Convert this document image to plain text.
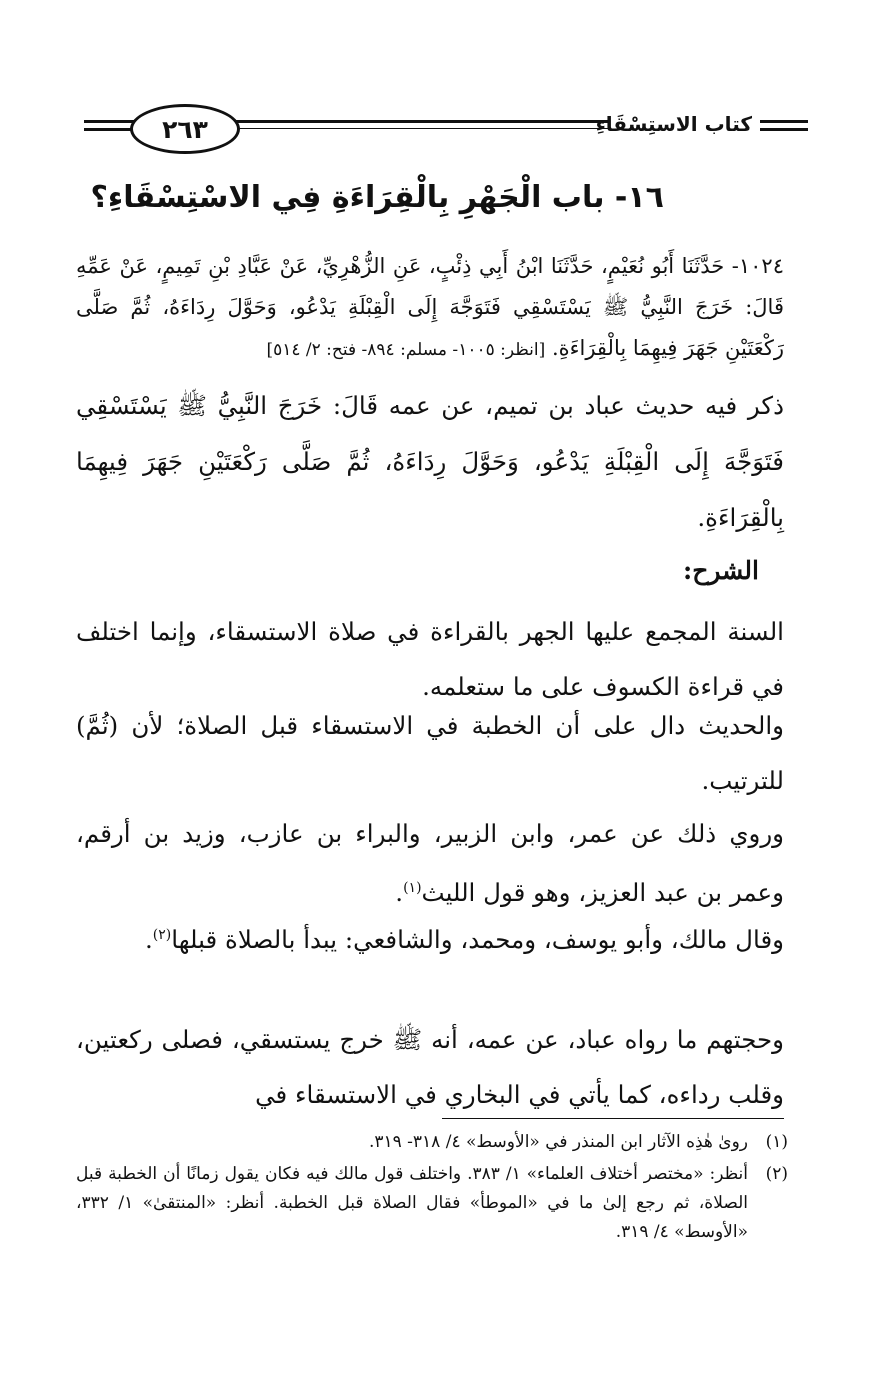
٢٦٣	كتاب الاستِسْقَاءِ
١٦- باب الْجَهْرِ بِالْقِرَاءَةِ فِي الاسْتِسْقَاءِ؟
١٠٢٤- حَدَّثَنَا أَبُو نُعَيْمٍ، حَدَّثَنَا ابْنُ أَبِي ذِئْبٍ، عَنِ الزُّهْرِيِّ، عَنْ عَبَّادِ بْنِ تَمِيمٍ، عَنْ عَمِّهِ قَالَ: خَرَجَ النَّبِيُّ ﷺ يَسْتَسْقِي فَتَوَجَّهَ إِلَى الْقِبْلَةِ يَدْعُو، وَحَوَّلَ رِدَاءَهُ، ثُمَّ صَلَّى رَكْعَتَيْنِ جَهَرَ فِيهِمَا بِالْقِرَاءَةِ. [انظر: ١٠٠٥- مسلم: ٨٩٤- فتح: ٢/ ٥١٤]
ذكر فيه حديث عباد بن تميم، عن عمه قَالَ: خَرَجَ النَّبِيُّ ﷺ يَسْتَسْقِي فَتَوَجَّهَ إِلَى الْقِبْلَةِ يَدْعُو، وَحَوَّلَ رِدَاءَهُ، ثُمَّ صَلَّى رَكْعَتَيْنِ جَهَرَ فِيهِمَا بِالْقِرَاءَةِ.
الشرح:
السنة المجمع عليها الجهر بالقراءة في صلاة الاستسقاء، وإنما اختلف في قراءة الكسوف على ما ستعلمه.
والحديث دال على أن الخطبة في الاستسقاء قبل الصلاة؛ لأن (ثُمَّ) للترتيب.
وروي ذلك عن عمر، وابن الزبير، والبراء بن عازب، وزيد بن أرقم، وعمر بن عبد العزيز، وهو قول الليث$^{(١)}$.
وقال مالك، وأبو يوسف، ومحمد، والشافعي: يبدأ بالصلاة قبلها$^{(٢)}$.
وحجتهم ما رواه عباد، عن عمه، أنه ﷺ خرج يستسقي، فصلى ركعتين، وقلب رداءه، كما يأتي في البخاري في الاستسقاء في
(١)
رویٰ هٰذِه الآثار ابن المنذر في «الأوسط» ٤/ ٣١٨- ٣١٩.
(٢)
أنظر: «مختصر أختلاف العلماء» ١/ ٣٨٣. واختلف قول مالك فيه فكان يقول زمانًا أن الخطبة قبل الصلاة، ثم رجع إلىٰ ما في «الموطأ» فقال الصلاة قبل الخطبة. أنظر: «المنتقىٰ» ١/ ٣٣٢، «الأوسط» ٤/ ٣١٩.
